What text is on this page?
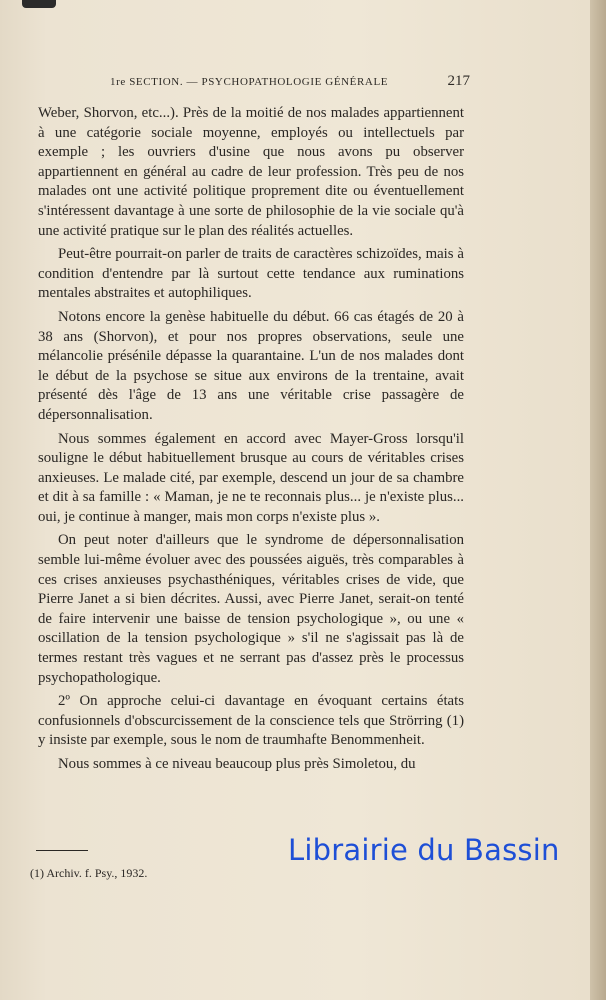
1re SECTION. — PSYCHOPATHOLOGIE GÉNÉRALE	217

Weber, Shorvon, etc...). Près de la moitié de nos malades appartiennent à une catégorie sociale moyenne, employés ou intellectuels par exemple ; les ouvriers d'usine que nous avons pu observer appartiennent en général au cadre de leur profession. Très peu de nos malades ont une activité politique proprement dite ou éventuellement s'intéressent davantage à une sorte de philosophie de la vie sociale qu'à une activité pratique sur le plan des réalités actuelles.

Peut-être pourrait-on parler de traits de caractères schizoïdes, mais à condition d'entendre par là surtout cette tendance aux ruminations mentales abstraites et autophiliques.

Notons encore la genèse habituelle du début. 66 cas étagés de 20 à 38 ans (Shorvon), et pour nos propres observations, seule une mélancolie présénile dépasse la quarantaine. L'un de nos malades dont le début de la psychose se situe aux environs de la trentaine, avait présenté dès l'âge de 13 ans une véritable crise passagère de dépersonnalisation.

Nous sommes également en accord avec Mayer-Gross lorsqu'il souligne le début habituellement brusque au cours de véritables crises anxieuses. Le malade cité, par exemple, descend un jour de sa chambre et dit à sa famille : « Maman, je ne te reconnais plus... je n'existe plus... oui, je continue à manger, mais mon corps n'existe plus ».

On peut noter d'ailleurs que le syndrome de dépersonnalisation semble lui-même évoluer avec des poussées aiguës, très comparables à ces crises anxieuses psychasthéniques, véritables crises de vide, que Pierre Janet a si bien décrites. Aussi, avec Pierre Janet, serait-on tenté de faire intervenir une baisse de tension psychologique », ou une « oscillation de la tension psychologique » s'il ne s'agissait pas là de termes restant très vagues et ne serrant pas d'assez près le processus psychopathologique.

2º On approche celui-ci davantage en évoquant certains états confusionnels d'obscurcissement de la conscience tels que Strörring (1) y insiste par exemple, sous le nom de traumhafte Benommenheit.

Nous sommes à ce niveau beaucoup plus près Simoletou, du

(1) Archiv. f. Psy., 1932.
Librairie du Bassin
